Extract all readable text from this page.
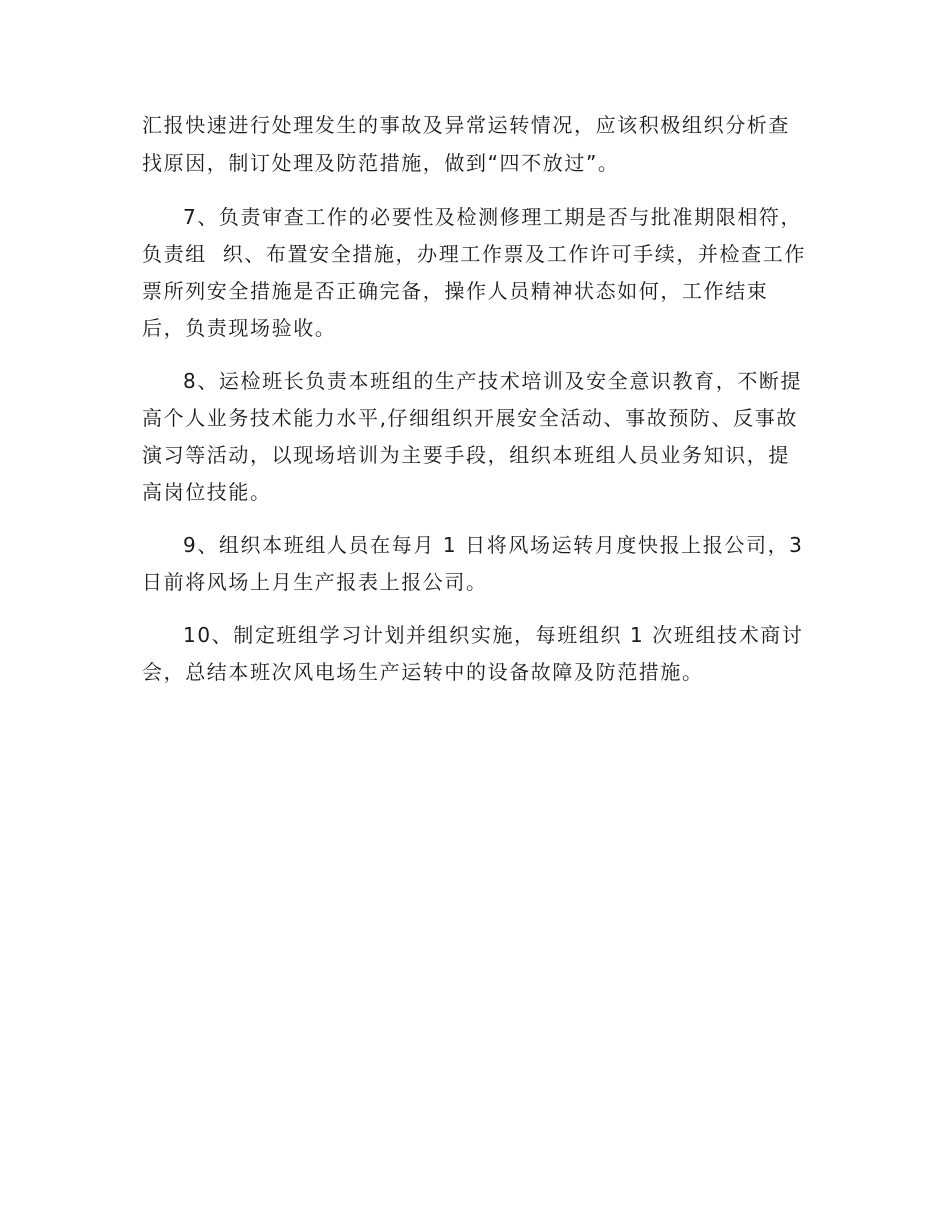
汇报快速进行处理发生的事故及异常运转情况，应该积极组织分析查
找原因，制订处理及防范措施，做到“四不放过”。
7、负责审查工作的必要性及检测修理工期是否与批准期限相符，
负责组  织、布置安全措施，办理工作票及工作许可手续，并检查工作
票所列安全措施是否正确完备，操作人员精神状态如何，工作结束
后，负责现场验收。
8、运检班长负责本班组的生产技术培训及安全意识教育，不断提
高个人业务技术能力水平,仔细组织开展安全活动、事故预防、反事故
演习等活动，以现场培训为主要手段，组织本班组人员业务知识，提
高岗位技能。
9、组织本班组人员在每月 1 日将风场运转月度快报上报公司，3
日前将风场上月生产报表上报公司。
10、制定班组学习计划并组织实施，每班组织 1 次班组技术商讨
会，总结本班次风电场生产运转中的设备故障及防范措施。
